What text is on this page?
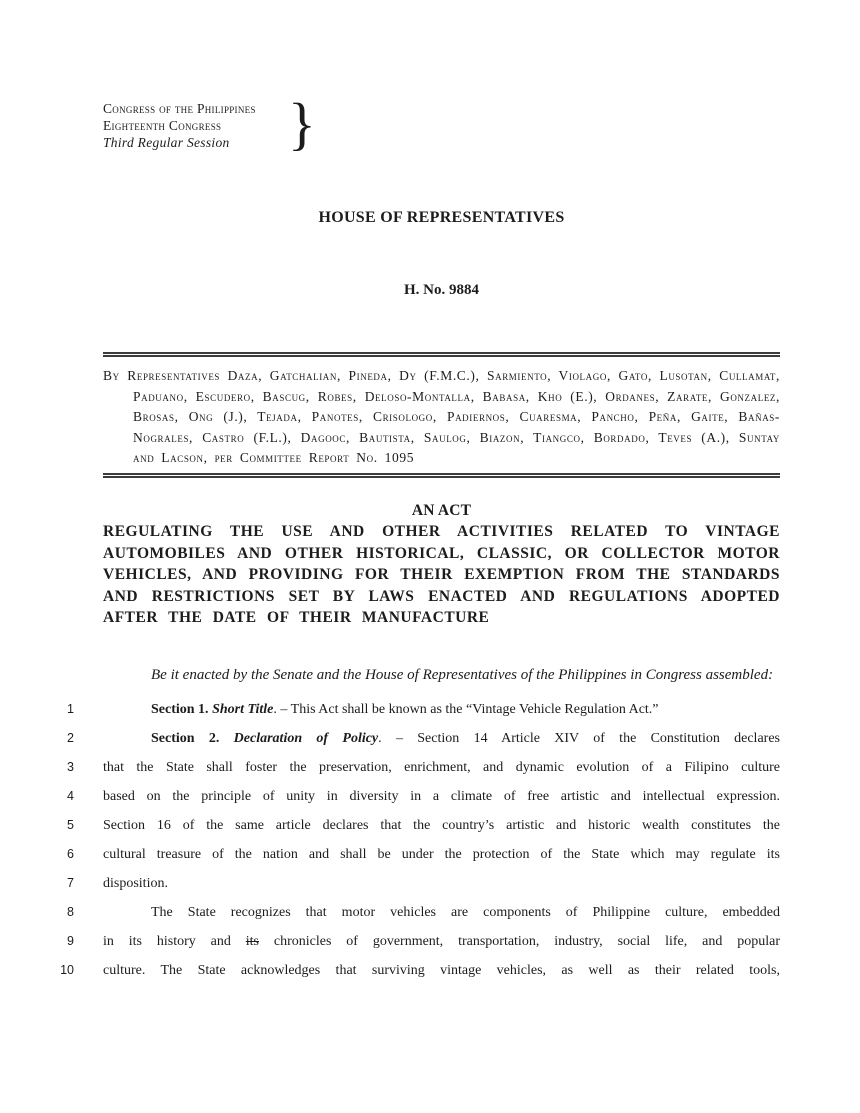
Congress of the Philippines
Eighteenth Congress
Third Regular Session	}
HOUSE OF REPRESENTATIVES
H. No. 9884

By Representatives Daza, Gatchalian, Pineda, Dy (F.M.C.), Sarmiento, Violago, Gato, Lusotan, Cullamat, Paduano, Escudero, Bascug, Robes, Deloso-Montalla, Babasa, Kho (E.), Ordanes, Zarate, Gonzalez, Brosas, Ong (J.), Tejada, Panotes, Crisologo, Padiernos, Cuaresma, Pancho, Peña, Gaite, Bañas-Nograles, Castro (F.L.), Dagooc, Bautista, Saulog, Biazon, Tiangco, Bordado, Teves (A.), Suntay and Lacson, per Committee Report No. 1095

AN ACT

REGULATING THE USE AND OTHER ACTIVITIES RELATED TO VINTAGE AUTOMOBILES AND OTHER HISTORICAL, CLASSIC, OR COLLECTOR MOTOR VEHICLES, AND PROVIDING FOR THEIR EXEMPTION FROM THE STANDARDS AND RESTRICTIONS SET BY LAWS ENACTED AND REGULATIONS ADOPTED AFTER THE DATE OF THEIR MANUFACTURE

Be it enacted by the Senate and the House of Representatives of the Philippines in Congress assembled:

1	Section 1. Short Title. – This Act shall be known as the “Vintage Vehicle Regulation Act.”

2	Section 2. Declaration of Policy. – Section 14 Article XIV of the Constitution declares

3 that the State shall foster the preservation, enrichment, and dynamic evolution of a Filipino culture

4 based on the principle of unity in diversity in a climate of free artistic and intellectual expression.

5 Section 16 of the same article declares that the country’s artistic and historic wealth constitutes the

6 cultural treasure of the nation and shall be under the protection of the State which may regulate its

7 disposition.

8	The State recognizes that motor vehicles are components of Philippine culture, embedded

9 in its history and its chronicles of government, transportation, industry, social life, and popular

10 culture. The State acknowledges that surviving vintage vehicles, as well as their related tools,
